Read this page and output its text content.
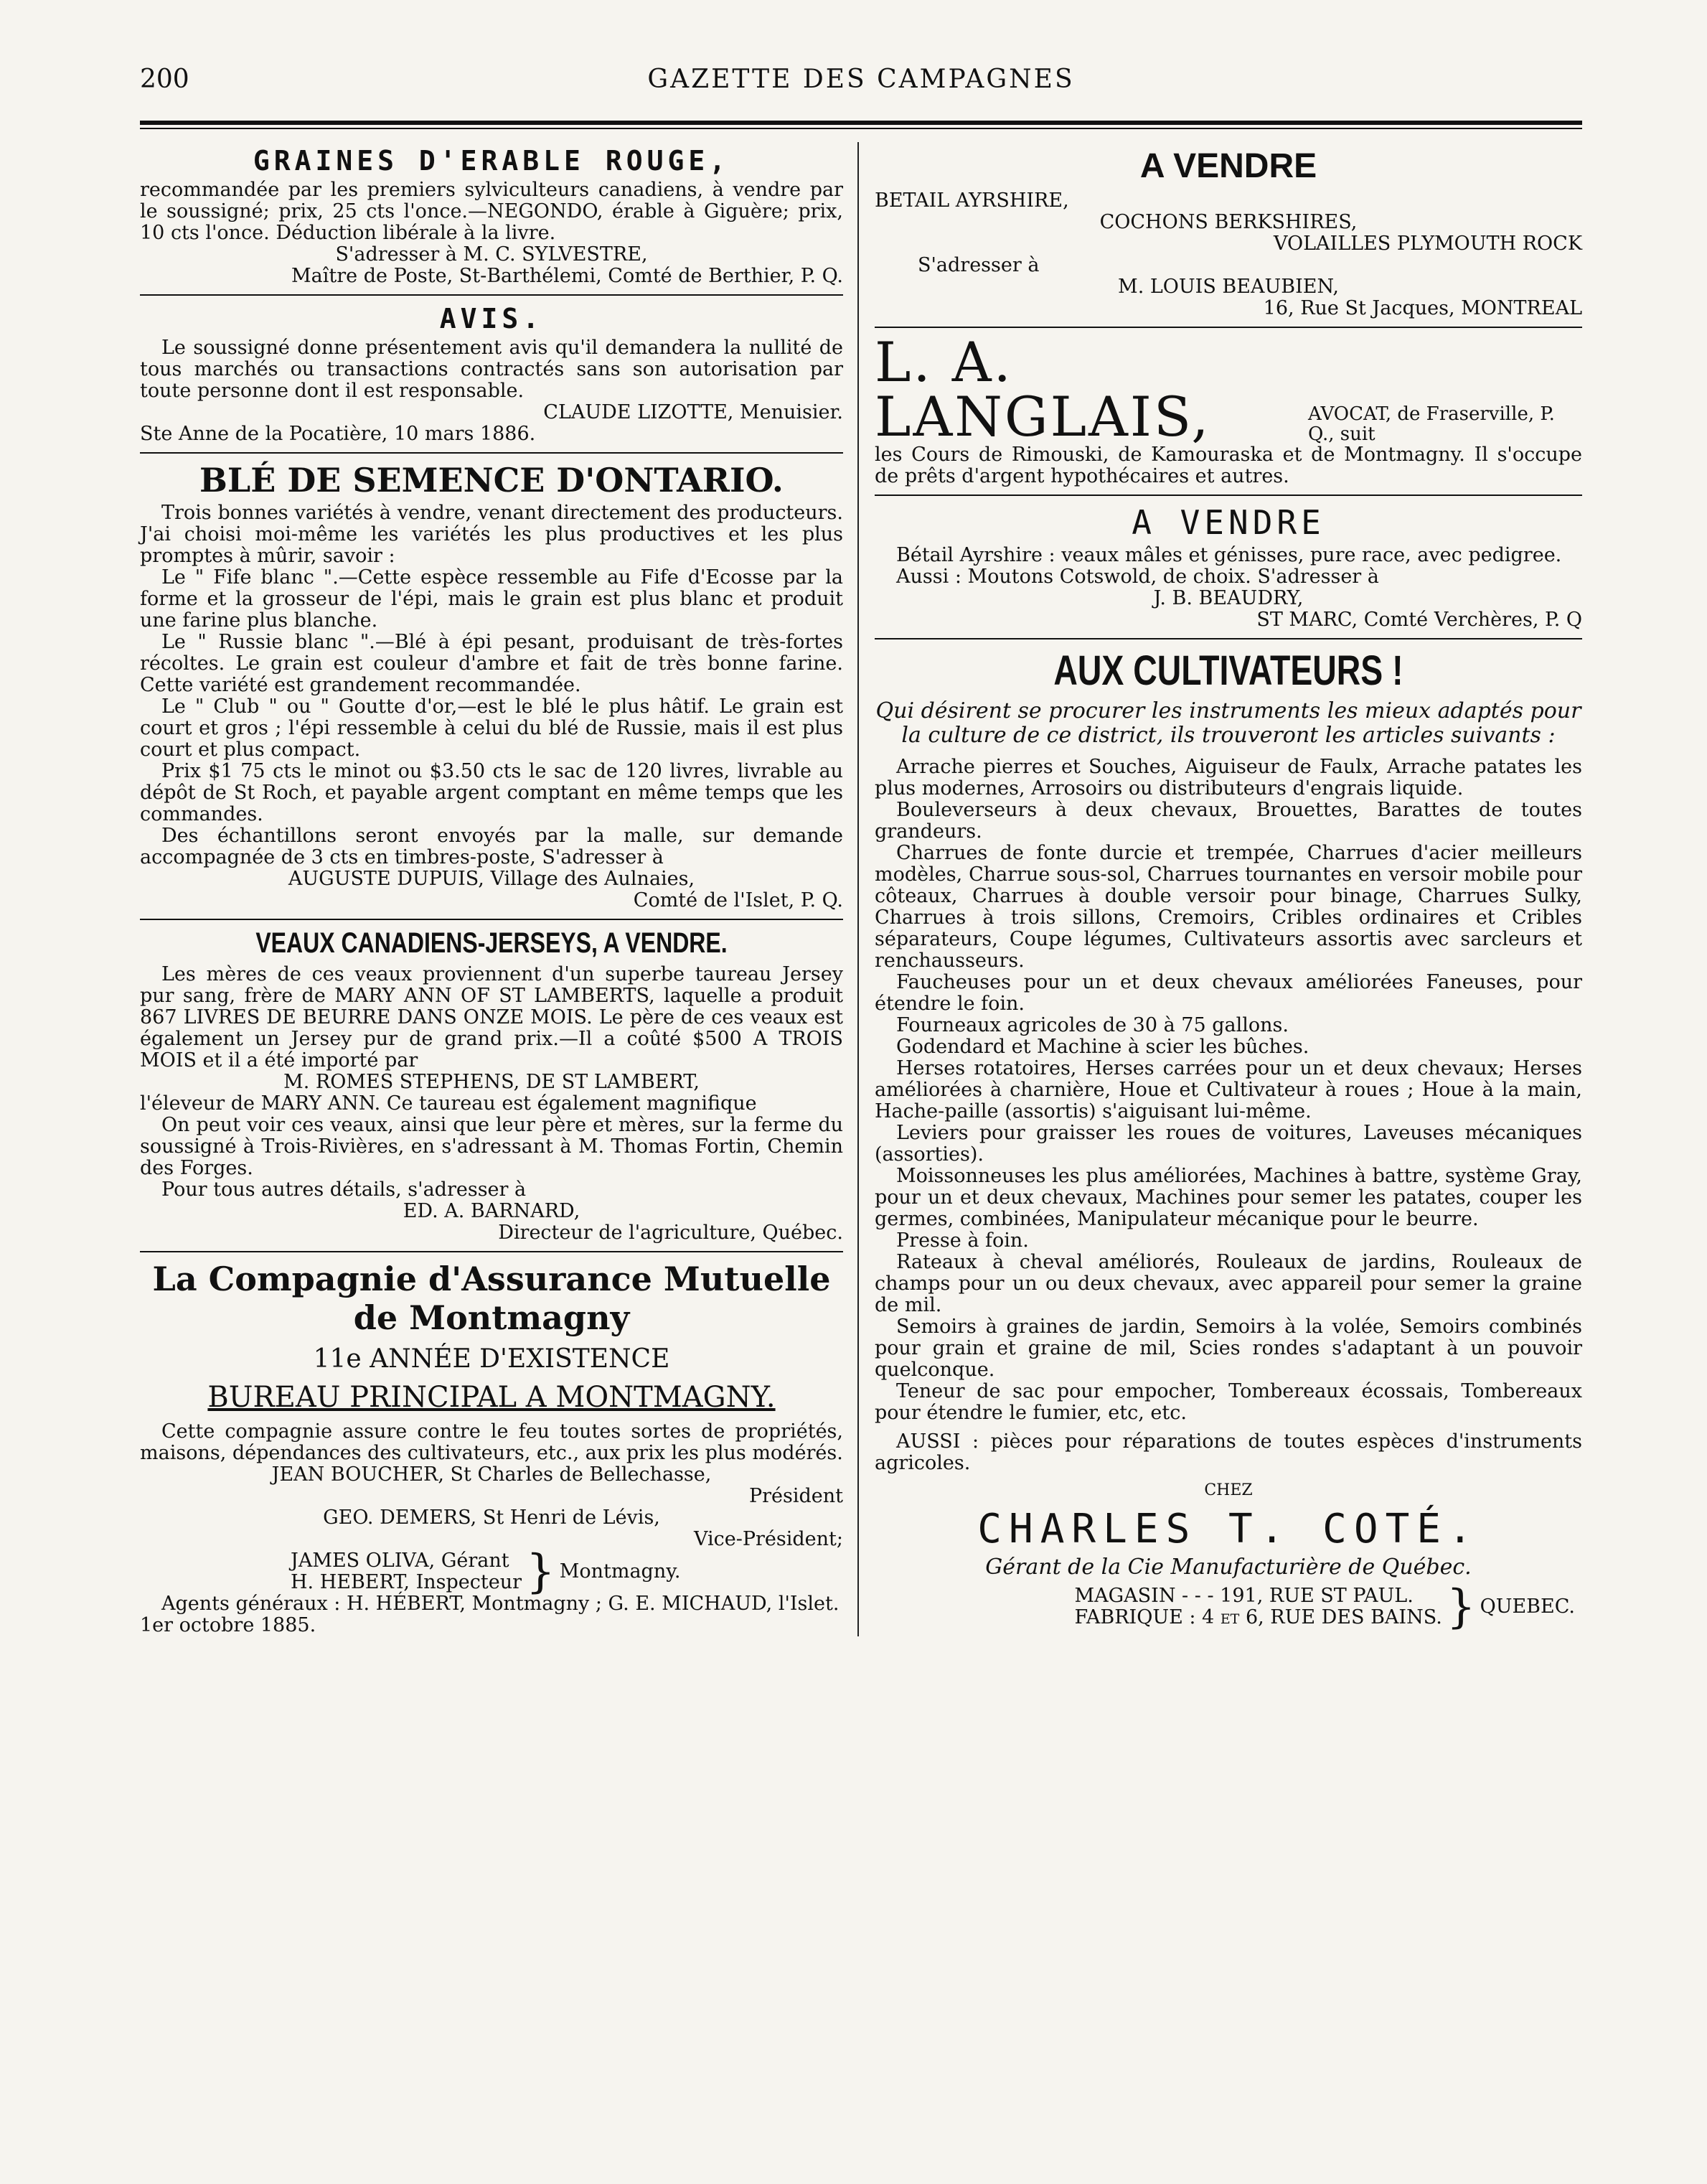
200	GAZETTE DES CAMPAGNES
GRAINES D'ERABLE ROUGE,

recommandée par les premiers sylviculteurs canadiens, à vendre par le soussigné; prix, 25 cts l'once.—NEGONDO, érable à Giguère; prix, 10 cts l'once. Déduction libérale à la livre.

S'adresser à M. C. SYLVESTRE,

Maître de Poste, St-Barthélemi, Comté de Berthier, P. Q.

AVIS.

Le soussigné donne présentement avis qu'il demandera la nullité de tous marchés ou transactions contractés sans son autorisation par toute personne dont il est responsable.

CLAUDE LIZOTTE, Menuisier.

Ste Anne de la Pocatière, 10 mars 1886.

BLÉ DE SEMENCE D'ONTARIO.

Trois bonnes variétés à vendre, venant directement des producteurs. J'ai choisi moi-même les variétés les plus productives et les plus promptes à mûrir, savoir :

Le " Fife blanc ".—Cette espèce ressemble au Fife d'Ecosse par la forme et la grosseur de l'épi, mais le grain est plus blanc et produit une farine plus blanche.

Le " Russie blanc ".—Blé à épi pesant, produisant de très-fortes récoltes. Le grain est couleur d'ambre et fait de très bonne farine. Cette variété est grandement recommandée.

Le " Club " ou " Goutte d'or,—est le blé le plus hâtif. Le grain est court et gros ; l'épi ressemble à celui du blé de Russie, mais il est plus court et plus compact.

Prix $1 75 cts le minot ou $3.50 cts le sac de 120 livres, livrable au dépôt de St Roch, et payable argent comptant en même temps que les commandes.

Des échantillons seront envoyés par la malle, sur demande accompagnée de 3 cts en timbres-poste, S'adresser à

AUGUSTE DUPUIS, Village des Aulnaies,

Comté de l'Islet, P. Q.

VEAUX CANADIENS-JERSEYS, A VENDRE.

Les mères de ces veaux proviennent d'un superbe taureau Jersey pur sang, frère de MARY ANN OF ST LAMBERTS, laquelle a produit 867 LIVRES DE BEURRE DANS ONZE MOIS. Le père de ces veaux est également un Jersey pur de grand prix.—Il a coûté $500 A TROIS MOIS et il a été importé par

M. ROMES STEPHENS, DE ST LAMBERT,

l'éleveur de MARY ANN. Ce taureau est également magnifique

On peut voir ces veaux, ainsi que leur père et mères, sur la ferme du soussigné à Trois-Rivières, en s'adressant à M. Thomas Fortin, Chemin des Forges.

Pour tous autres détails, s'adresser à

ED. A. BARNARD,

Directeur de l'agriculture, Québec.

La Compagnie d'Assurance Mutuelle de Montmagny
11e ANNÉE D'EXISTENCE
BUREAU PRINCIPAL A MONTMAGNY.

Cette compagnie assure contre le feu toutes sortes de propriétés, maisons, dépendances des cultivateurs, etc., aux prix les plus modérés.

JEAN BOUCHER, St Charles de Bellechasse,

Président

GEO. DEMERS, St Henri de Lévis,

Vice-Président;

JAMES OLIVA, Gérant

H. HEBERT, Inspecteur } Montmagny.

Agents généraux : H. HÉBERT, Montmagny ; G. E. MICHAUD, l'Islet.

1er octobre 1885.

A VENDRE

BETAIL AYRSHIRE,

COCHONS BERKSHIRES,

VOLAILLES PLYMOUTH ROCK

S'adresser à

M. LOUIS BEAUBIEN,

16, Rue St Jacques, MONTREAL

L. A. LANGLAIS,	AVOCAT, de Fraserville, P. Q., suit

les Cours de Rimouski, de Kamouraska et de Montmagny. Il s'occupe de prêts d'argent hypothécaires et autres.

A VENDRE

Bétail Ayrshire : veaux mâles et génisses, pure race, avec pedigree.

Aussi : Moutons Cotswold, de choix. S'adresser à

J. B. BEAUDRY,

ST MARC, Comté Verchères, P. Q

AUX CULTIVATEURS !

Qui désirent se procurer les instruments les mieux adaptés pour la culture de ce district, ils trouveront les articles suivants :

Arrache pierres et Souches, Aiguiseur de Faulx, Arrache patates les plus modernes, Arrosoirs ou distributeurs d'engrais liquide.

Bouleverseurs à deux chevaux, Brouettes, Barattes de toutes grandeurs.

Charrues de fonte durcie et trempée, Charrues d'acier meilleurs modèles, Charrue sous-sol, Charrues tournantes en versoir mobile pour côteaux, Charrues à double versoir pour binage, Charrues Sulky, Charrues à trois sillons, Cremoirs, Cribles ordinaires et Cribles séparateurs, Coupe légumes, Cultivateurs assortis avec sarcleurs et renchausseurs.

Faucheuses pour un et deux chevaux améliorées Faneuses, pour étendre le foin.

Fourneaux agricoles de 30 à 75 gallons.

Godendard et Machine à scier les bûches.

Herses rotatoires, Herses carrées pour un et deux chevaux; Herses améliorées à charnière, Houe et Cultivateur à roues ; Houe à la main, Hache-paille (assortis) s'aiguisant lui-même.

Leviers pour graisser les roues de voitures, Laveuses mécaniques (assorties).

Moissonneuses les plus améliorées, Machines à battre, système Gray, pour un et deux chevaux, Machines pour semer les patates, couper les germes, combinées, Manipulateur mécanique pour le beurre.

Presse à foin.

Rateaux à cheval améliorés, Rouleaux de jardins, Rouleaux de champs pour un ou deux chevaux, avec appareil pour semer la graine de mil.

Semoirs à graines de jardin, Semoirs à la volée, Semoirs combinés pour grain et graine de mil, Scies rondes s'adaptant à un pouvoir quelconque.

Teneur de sac pour empocher, Tombereaux écossais, Tombereaux pour étendre le fumier, etc, etc.

AUSSI : pièces pour réparations de toutes espèces d'instruments agricoles.

CHEZ

CHARLES T. COTÉ.

Gérant de la Cie Manufacturière de Québec.

MAGASIN - - - 191, RUE ST PAUL.

FABRIQUE : 4 et 6, RUE DES BAINS. } QUEBEC.
